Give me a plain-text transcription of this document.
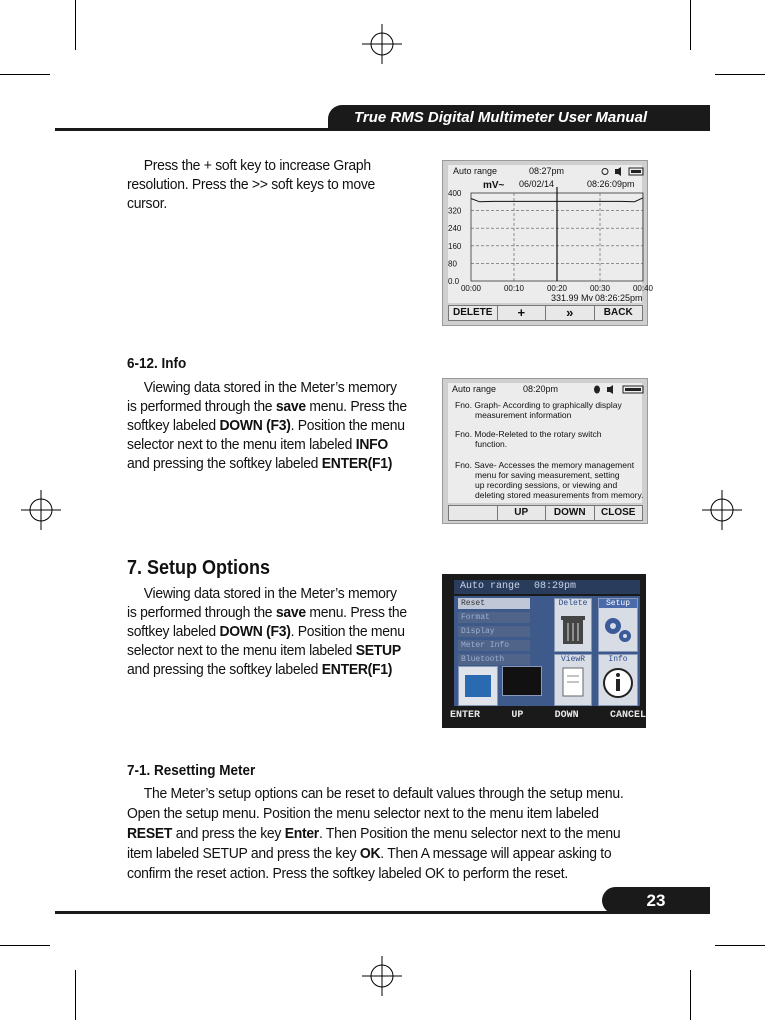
True RMS Digital Multimeter User Manual
Press the + soft key to increase Graph
resolution. Press the >> soft keys to move
cursor.
Auto range	08:27pm
mV~ 06/02/14	08:26:09pm
400
320
240
160
80
0.0
00:00	00:10	00:20	00:30	00:40
331.99 Mv 08:26:25pm
DELETE	+	»	BACK
6-12. Info
Viewing data stored in the Meter’s memory
is performed through the save menu. Press the
softkey labeled DOWN (F3). Position the menu
selector next to the menu item labeled INFO
and pressing the softkey labeled ENTER(F1)
Auto range	08:20pm
Fno. Graph- According to graphically display
measurement information
Fno. Mode-Releted to the rotary switch
function.
Fno. Save- Accesses the memory management
menu for saving measurement, setting
up recording sessions, or viewing and
deleting stored measurements from memory.
UP	DOWN	CLOSE
7. Setup Options
Viewing data stored in the Meter’s memory
is performed through the save menu. Press the
softkey labeled DOWN (F3). Position the menu
selector next to the menu item labeled SETUP
and pressing the softkey labeled ENTER(F1)
Auto range 08:29pm
Reset
Format
Display
Meter Info
Bluetooth
Delete	Setup
ViewR	Info
ENTER	UP	DOWN	CANCEL
7-1. Resetting Meter
The Meter’s setup options can be reset to default values through the setup menu.
Open the setup menu. Position the menu selector next to the menu item labeled
RESET and press the key Enter. Then Position the menu selector next to the menu
item labeled SETUP and press the key OK. Then A message will appear asking to
confirm the reset action. Press the softkey labeled OK to perform the reset.
23
